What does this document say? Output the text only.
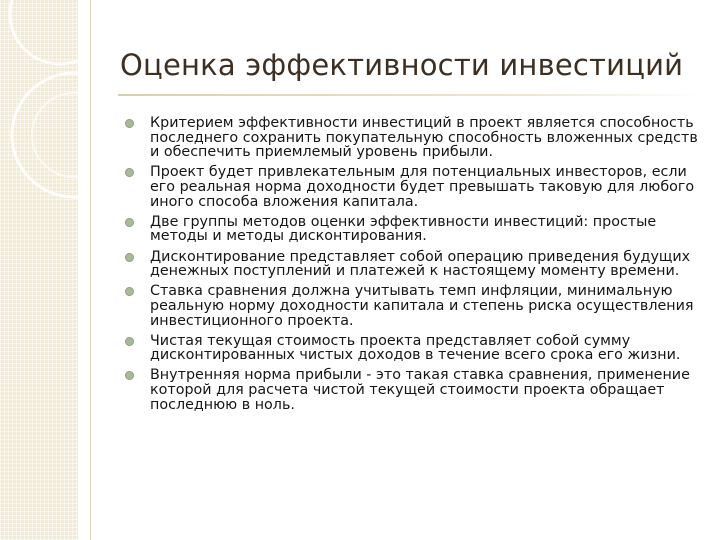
Оценка эффективности инвестиций
Критерием эффективности инвестиций в проект является способность последнего сохранить покупательную способность вложенных средств и обеспечить приемлемый уровень прибыли.
Проект будет привлекательным для потенциальных инвесторов, если его реальная норма доходности будет превышать таковую для любого иного способа вложения капитала.
Две группы методов оценки эффективности инвестиций: простые методы и методы дисконтирования.
Дисконтирование представляет собой операцию приведения будущих денежных поступлений и платежей к настоящему моменту времени.
Ставка сравнения должна учитывать темп инфляции, минимальную реальную норму доходности капитала и степень риска осуществления инвестиционного проекта.
Чистая текущая стоимость проекта представляет собой сумму дисконтированных чистых доходов в течение всего срока его жизни.
Внутренняя норма прибыли - это такая ставка сравнения, применение которой для расчета чистой текущей стоимости проекта обращает последнюю в ноль.
